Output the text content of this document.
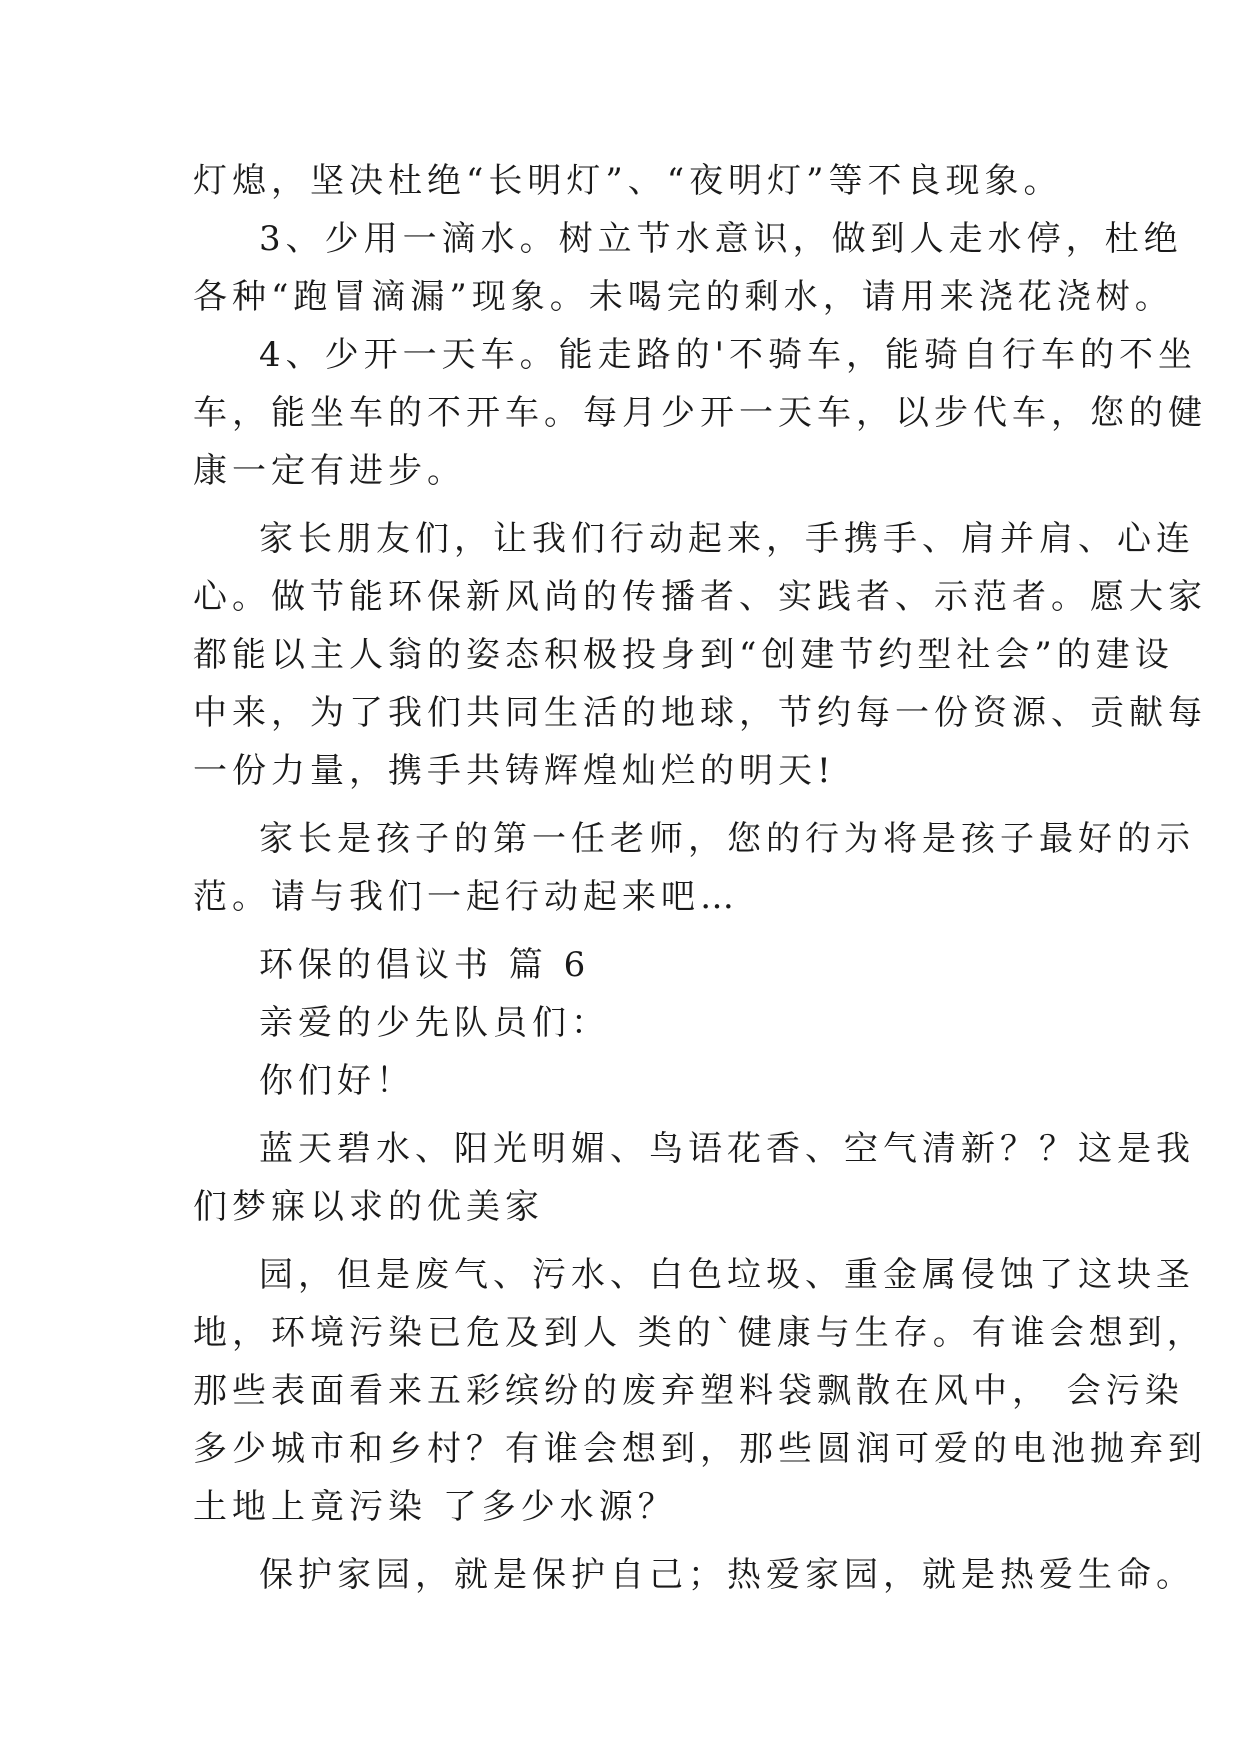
灯熄，坚决杜绝“长明灯”、“夜明灯”等不良现象。
3、少用一滴水。树立节水意识，做到人走水停，杜绝
各种“跑冒滴漏”现象。未喝完的剩水，请用来浇花浇树。
4、少开一天车。能走路的'不骑车，能骑自行车的不坐
车，能坐车的不开车。每月少开一天车，以步代车，您的健
康一定有进步。
家长朋友们，让我们行动起来，手携手、肩并肩、心连
心。做节能环保新风尚的传播者、实践者、示范者。愿大家
都能以主人翁的姿态积极投身到“创建节约型社会”的建设
中来，为了我们共同生活的地球，节约每一份资源、贡献每
一份力量，携手共铸辉煌灿烂的明天!
家长是孩子的第一任老师，您的行为将是孩子最好的示
范。请与我们一起行动起来吧…
环保的倡议书 篇 6
亲爱的少先队员们：
你们好！
蓝天碧水、阳光明媚、鸟语花香、空气清新？？这是我
们梦寐以求的优美家
园，但是废气、污水、白色垃圾、重金属侵蚀了这块圣
地，环境污染已危及到人 类的`健康与生存。有谁会想到，
那些表面看来五彩缤纷的废弃塑料袋飘散在风中， 会污染
多少城市和乡村？有谁会想到，那些圆润可爱的电池抛弃到
土地上竟污染 了多少水源？
保护家园，就是保护自己；热爱家园，就是热爱生命。
